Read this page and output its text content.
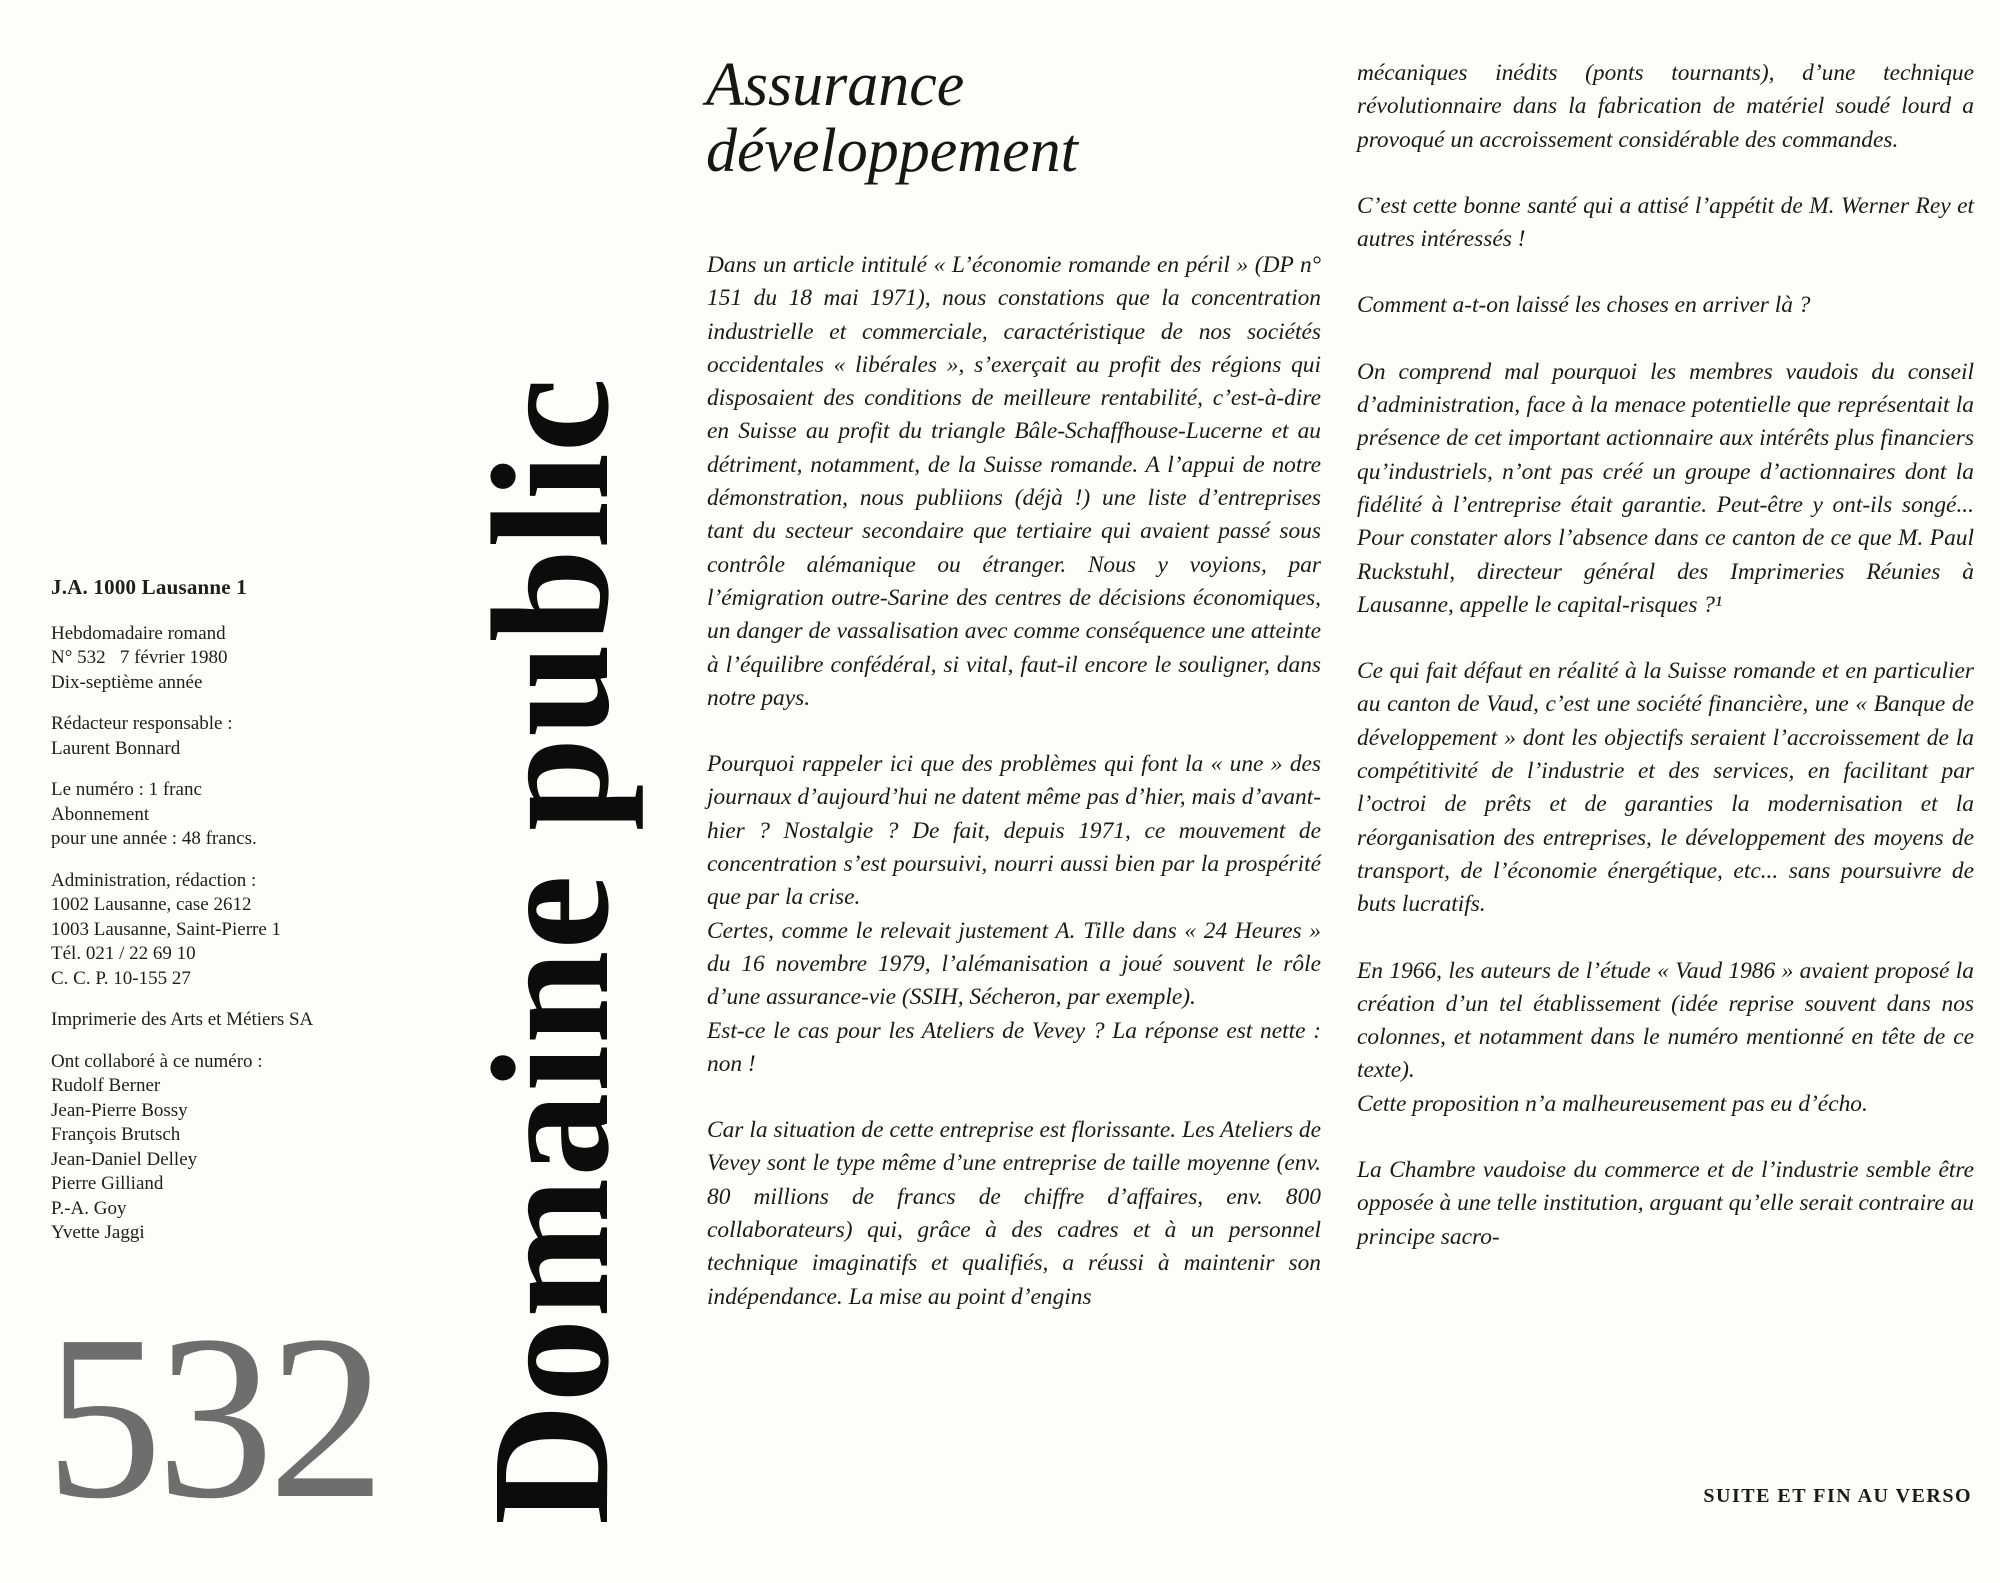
J.A. 1000 Lausanne 1
Hebdomadaire romand
N° 532   7 février 1980
Dix-septième année
Rédacteur responsable :
Laurent Bonnard
Le numéro : 1 franc
Abonnement
pour une année : 48 francs.
Administration, rédaction :
1002 Lausanne, case 2612
1003 Lausanne, Saint-Pierre 1
Tél. 021 / 22 69 10
C. C. P. 10-155 27
Imprimerie des Arts et Métiers SA
Ont collaboré à ce numéro :
Rudolf Berner
Jean-Pierre Bossy
François Brutsch
Jean-Daniel Delley
Pierre Gilliand
P.-A. Goy
Yvette Jaggi
532 Domaine public
Assurance
développement

Dans un article intitulé « L’économie romande en péril » (DP n° 151 du 18 mai 1971), nous constations que la concentration industrielle et commerciale, caractéristique de nos sociétés occidentales « libérales », s’exerçait au profit des régions qui disposaient des conditions de meilleure rentabilité, c’est-à-dire en Suisse au profit du triangle Bâle-Schaffhouse-Lucerne et au détriment, notamment, de la Suisse romande. A l’appui de notre démonstration, nous publiions (déjà !) une liste d’entreprises tant du secteur secondaire que tertiaire qui avaient passé sous contrôle alémanique ou étranger. Nous y voyions, par l’émigration outre-Sarine des centres de décisions économiques, un danger de vassalisation avec comme conséquence une atteinte à l’équilibre confédéral, si vital, faut-il encore le souligner, dans notre pays.

Pourquoi rappeler ici que des problèmes qui font la « une » des journaux d’aujourd’hui ne datent même pas d’hier, mais d’avant-hier ? Nostalgie ? De fait, depuis 1971, ce mouvement de concentration s’est poursuivi, nourri aussi bien par la prospérité que par la crise.

Certes, comme le relevait justement A. Tille dans « 24 Heures » du 16 novembre 1979, l’alémanisation a joué souvent le rôle d’une assurance-vie (SSIH, Sécheron, par exemple).

Est-ce le cas pour les Ateliers de Vevey ? La réponse est nette : non !

Car la situation de cette entreprise est florissante. Les Ateliers de Vevey sont le type même d’une entreprise de taille moyenne (env. 80 millions de francs de chiffre d’affaires, env. 800 collaborateurs) qui, grâce à des cadres et à un personnel technique imaginatifs et qualifiés, a réussi à maintenir son indépendance. La mise au point d’engins

mécaniques inédits (ponts tournants), d’une technique révolutionnaire dans la fabrication de matériel soudé lourd a provoqué un accroissement considérable des commandes.

C’est cette bonne santé qui a attisé l’appétit de M. Werner Rey et autres intéressés !

Comment a-t-on laissé les choses en arriver là ?

On comprend mal pourquoi les membres vaudois du conseil d’administration, face à la menace potentielle que représentait la présence de cet important actionnaire aux intérêts plus financiers qu’industriels, n’ont pas créé un groupe d’actionnaires dont la fidélité à l’entreprise était garantie. Peut-être y ont-ils songé... Pour constater alors l’absence dans ce canton de ce que M. Paul Ruckstuhl, directeur général des Imprimeries Réunies à Lausanne, appelle le capital-risques ?¹

Ce qui fait défaut en réalité à la Suisse romande et en particulier au canton de Vaud, c’est une société financière, une « Banque de développement » dont les objectifs seraient l’accroissement de la compétitivité de l’industrie et des services, en facilitant par l’octroi de prêts et de garanties la modernisation et la réorganisation des entreprises, le développement des moyens de transport, de l’économie énergétique, etc... sans poursuivre de buts lucratifs.

En 1966, les auteurs de l’étude « Vaud 1986 » avaient proposé la création d’un tel établissement (idée reprise souvent dans nos colonnes, et notamment dans le numéro mentionné en tête de ce texte).

Cette proposition n’a malheureusement pas eu d’écho.

La Chambre vaudoise du commerce et de l’industrie semble être opposée à une telle institution, arguant qu’elle serait contraire au principe sacro-

SUITE ET FIN AU VERSO
